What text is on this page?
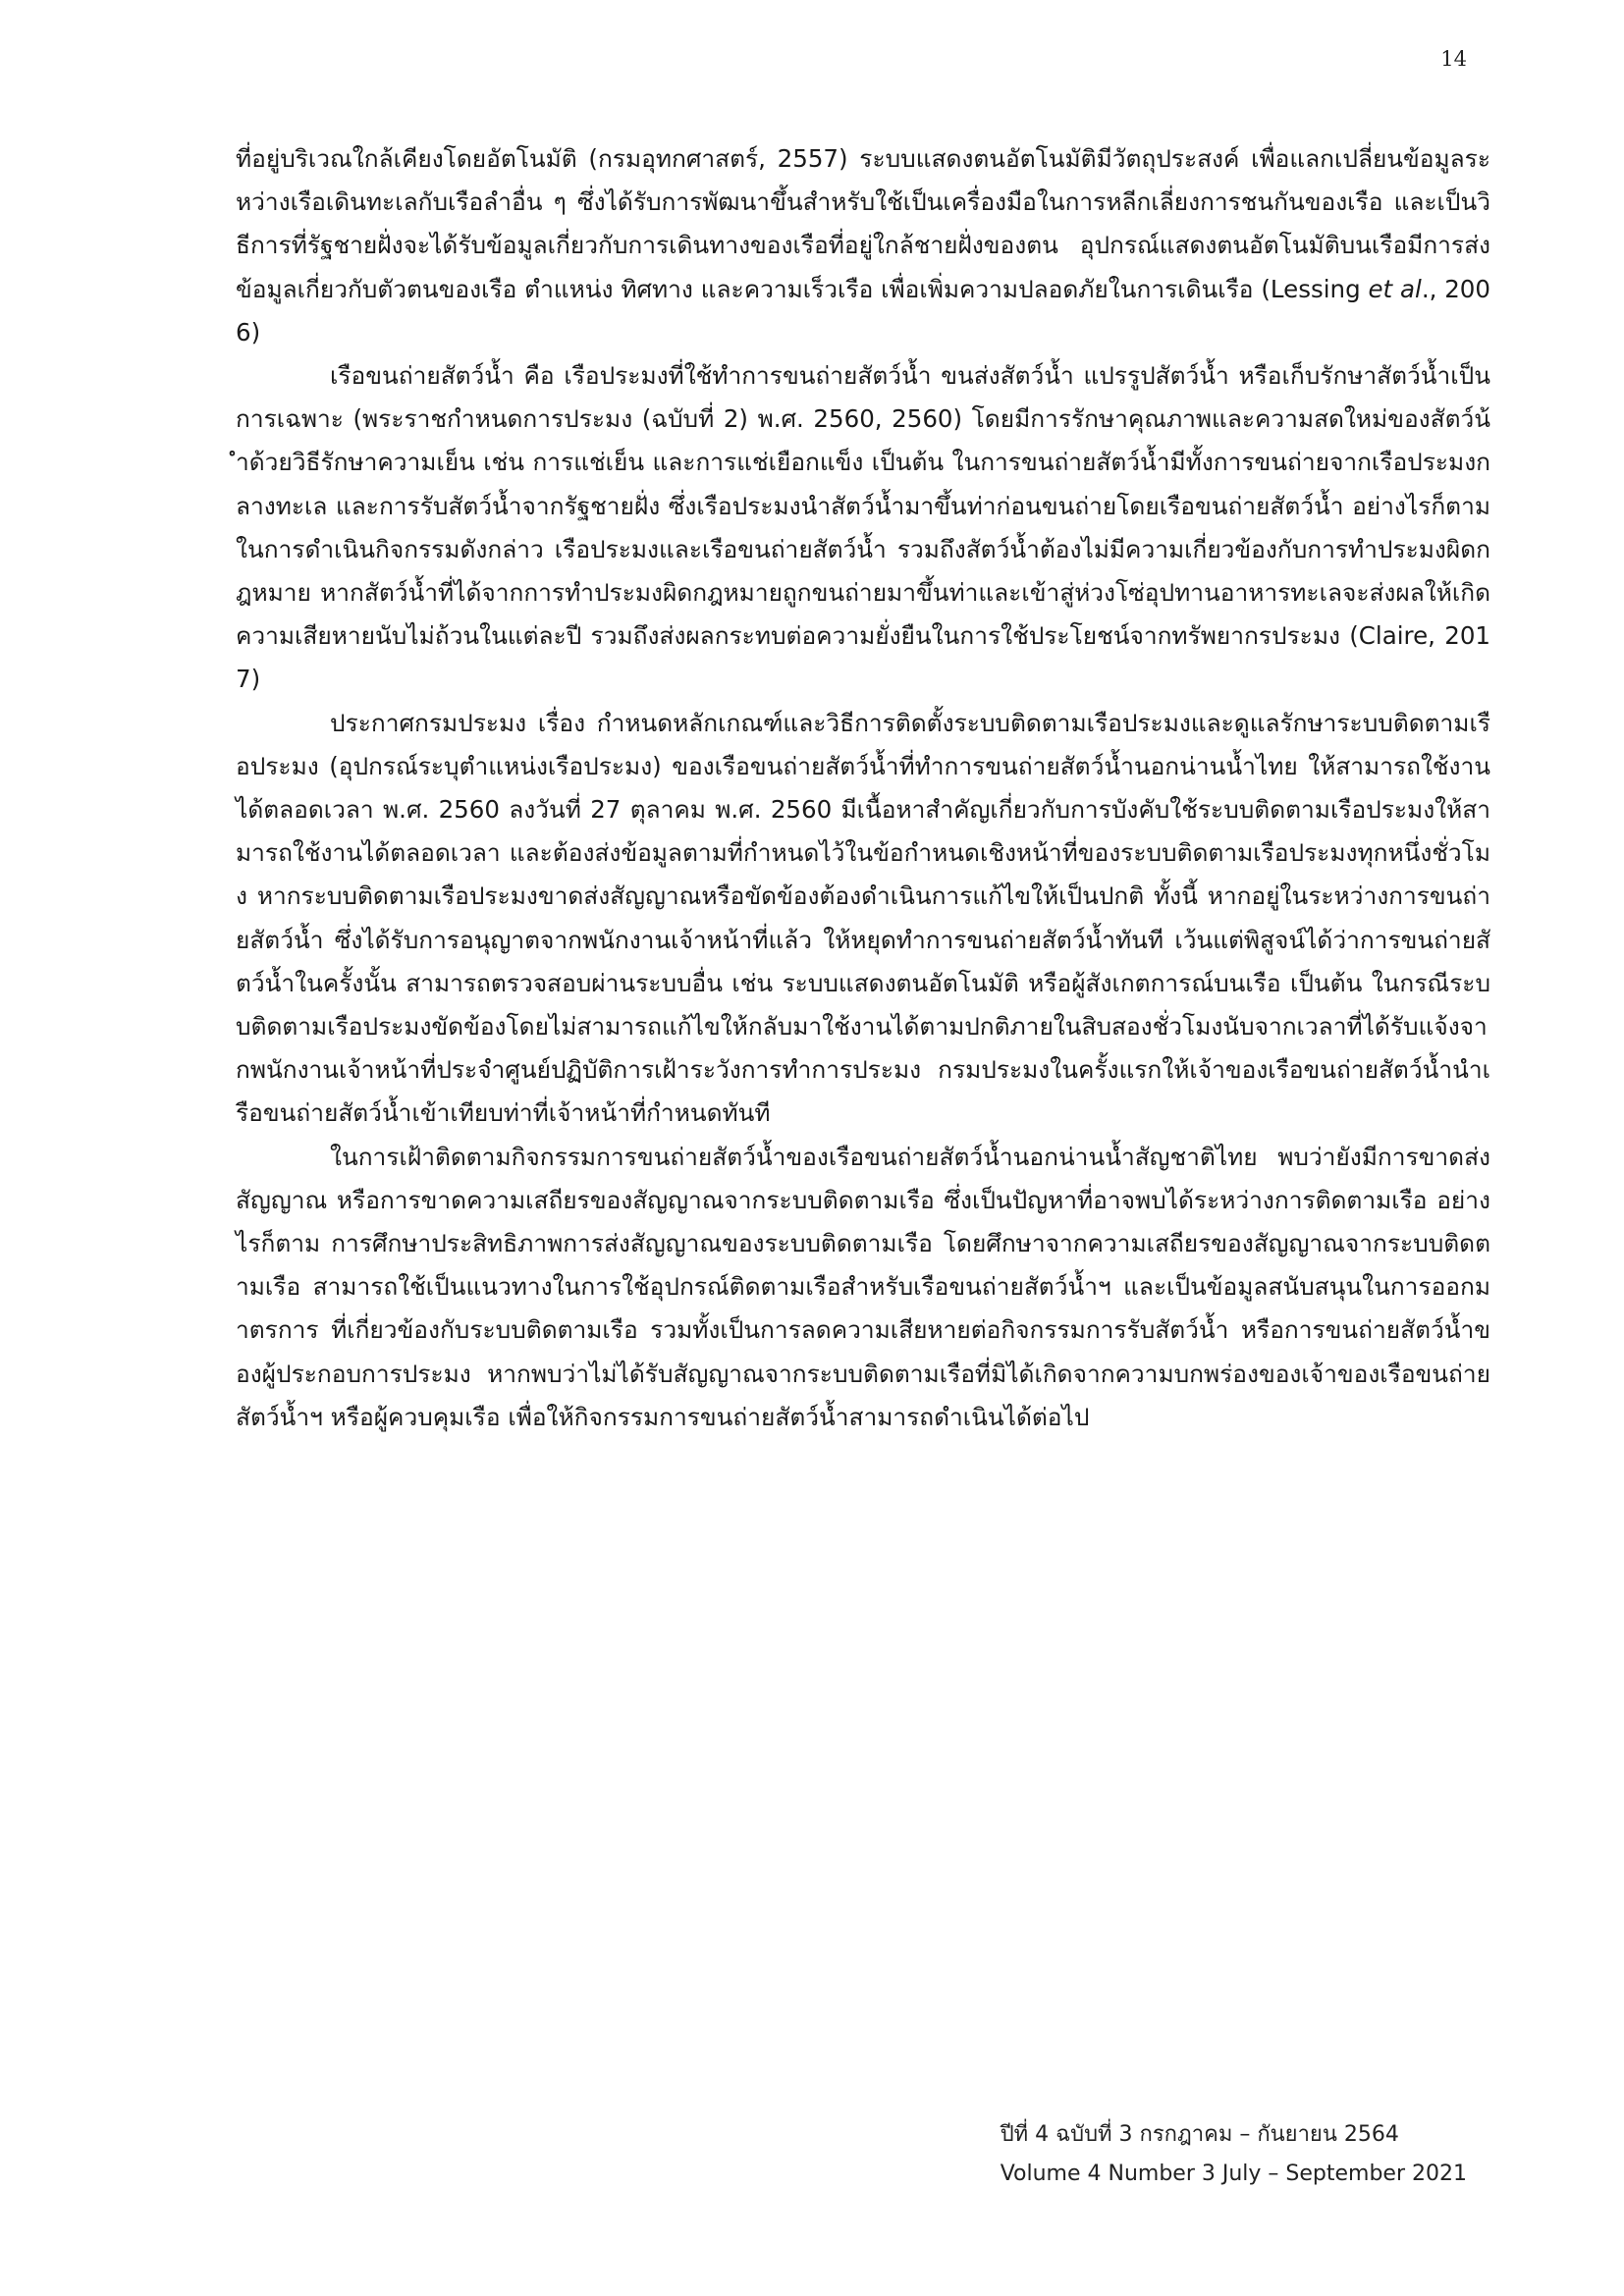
14

ที่อยู่บริเวณใกล้เคียงโดยอัตโนมัติ (กรมอุทกศาสตร์, 2557) ระบบแสดงตนอัตโนมัติมีวัตถุประสงค์ เพื่อแลกเปลี่ยนข้อมูลระหว่างเรือเดินทะเลกับเรือลำอื่น ๆ ซึ่งได้รับการพัฒนาขึ้นสำหรับใช้เป็นเครื่องมือในการหลีกเลี่ยงการชนกันของเรือ และเป็นวิธีการที่รัฐชายฝั่งจะได้รับข้อมูลเกี่ยวกับการเดินทางของเรือที่อยู่ใกล้ชายฝั่งของตน อุปกรณ์แสดงตนอัตโนมัติบนเรือมีการส่งข้อมูลเกี่ยวกับตัวตนของเรือ ตำแหน่ง ทิศทาง และความเร็วเรือ เพื่อเพิ่มความปลอดภัยในการเดินเรือ (Lessing et al., 2006)

เรือขนถ่ายสัตว์น้ำ คือ เรือประมงที่ใช้ทำการขนถ่ายสัตว์น้ำ ขนส่งสัตว์น้ำ แปรรูปสัตว์น้ำ หรือเก็บรักษาสัตว์น้ำเป็นการเฉพาะ (พระราชกำหนดการประมง (ฉบับที่ 2) พ.ศ. 2560, 2560) โดยมีการรักษาคุณภาพและความสดใหม่ของสัตว์น้ำด้วยวิธีรักษาความเย็น เช่น การแช่เย็น และการแช่เยือกแข็ง เป็นต้น ในการขนถ่ายสัตว์น้ำมีทั้งการขนถ่ายจากเรือประมงกลางทะเล และการรับสัตว์น้ำจากรัฐชายฝั่ง ซึ่งเรือประมงนำสัตว์น้ำมาขึ้นท่าก่อนขนถ่ายโดยเรือขนถ่ายสัตว์น้ำ อย่างไรก็ตาม ในการดำเนินกิจกรรมดังกล่าว เรือประมงและเรือขนถ่ายสัตว์น้ำ รวมถึงสัตว์น้ำต้องไม่มีความเกี่ยวข้องกับการทำประมงผิดกฎหมาย หากสัตว์น้ำที่ได้จากการทำประมงผิดกฎหมายถูกขนถ่ายมาขึ้นท่าและเข้าสู่ห่วงโซ่อุปทานอาหารทะเลจะส่งผลให้เกิดความเสียหายนับไม่ถ้วนในแต่ละปี รวมถึงส่งผลกระทบต่อความยั่งยืนในการใช้ประโยชน์จากทรัพยากรประมง (Claire, 2017)

ประกาศกรมประมง เรื่อง กำหนดหลักเกณฑ์และวิธีการติดตั้งระบบติดตามเรือประมงและดูแลรักษาระบบติดตามเรือประมง (อุปกรณ์ระบุตำแหน่งเรือประมง) ของเรือขนถ่ายสัตว์น้ำที่ทำการขนถ่ายสัตว์น้ำนอกน่านน้ำไทย ให้สามารถใช้งานได้ตลอดเวลา พ.ศ. 2560 ลงวันที่ 27 ตุลาคม พ.ศ. 2560 มีเนื้อหาสำคัญเกี่ยวกับการบังคับใช้ระบบติดตามเรือประมงให้สามารถใช้งานได้ตลอดเวลา และต้องส่งข้อมูลตามที่กำหนดไว้ในข้อกำหนดเชิงหน้าที่ของระบบติดตามเรือประมงทุกหนึ่งชั่วโมง หากระบบติดตามเรือประมงขาดส่งสัญญาณหรือขัดข้องต้องดำเนินการแก้ไขให้เป็นปกติ ทั้งนี้ หากอยู่ในระหว่างการขนถ่ายสัตว์น้ำ ซึ่งได้รับการอนุญาตจากพนักงานเจ้าหน้าที่แล้ว ให้หยุดทำการขนถ่ายสัตว์น้ำทันที เว้นแต่พิสูจน์ได้ว่าการขนถ่ายสัตว์น้ำในครั้งนั้น สามารถตรวจสอบผ่านระบบอื่น เช่น ระบบแสดงตนอัตโนมัติ หรือผู้สังเกตการณ์บนเรือ เป็นต้น ในกรณีระบบติดตามเรือประมงขัดข้องโดยไม่สามารถแก้ไขให้กลับมาใช้งานได้ตามปกติภายในสิบสองชั่วโมงนับจากเวลาที่ได้รับแจ้งจากพนักงานเจ้าหน้าที่ประจำศูนย์ปฏิบัติการเฝ้าระวังการทำการประมง กรมประมงในครั้งแรกให้เจ้าของเรือขนถ่ายสัตว์น้ำนำเรือขนถ่ายสัตว์น้ำเข้าเทียบท่าที่เจ้าหน้าที่กำหนดทันที

ในการเฝ้าติดตามกิจกรรมการขนถ่ายสัตว์น้ำของเรือขนถ่ายสัตว์น้ำนอกน่านน้ำสัญชาติไทย พบว่ายังมีการขาดส่งสัญญาณ หรือการขาดความเสถียรของสัญญาณจากระบบติดตามเรือ ซึ่งเป็นปัญหาที่อาจพบได้ระหว่างการติดตามเรือ อย่างไรก็ตาม การศึกษาประสิทธิภาพการส่งสัญญาณของระบบติดตามเรือ โดยศึกษาจากความเสถียรของสัญญาณจากระบบติดตามเรือ สามารถใช้เป็นแนวทางในการใช้อุปกรณ์ติดตามเรือสำหรับเรือขนถ่ายสัตว์น้ำฯ และเป็นข้อมูลสนับสนุนในการออกมาตรการ ที่เกี่ยวข้องกับระบบติดตามเรือ รวมทั้งเป็นการลดความเสียหายต่อกิจกรรมการรับสัตว์น้ำ หรือการขนถ่ายสัตว์น้ำของผู้ประกอบการประมง หากพบว่าไม่ได้รับสัญญาณจากระบบติดตามเรือที่มิได้เกิดจากความบกพร่องของเจ้าของเรือขนถ่ายสัตว์น้ำฯ หรือผู้ควบคุมเรือ เพื่อให้กิจกรรมการขนถ่ายสัตว์น้ำสามารถดำเนินได้ต่อไป

ปีที่ 4 ฉบับที่ 3 กรกฎาคม – กันยายน 2564
Volume 4 Number 3 July – September 2021
